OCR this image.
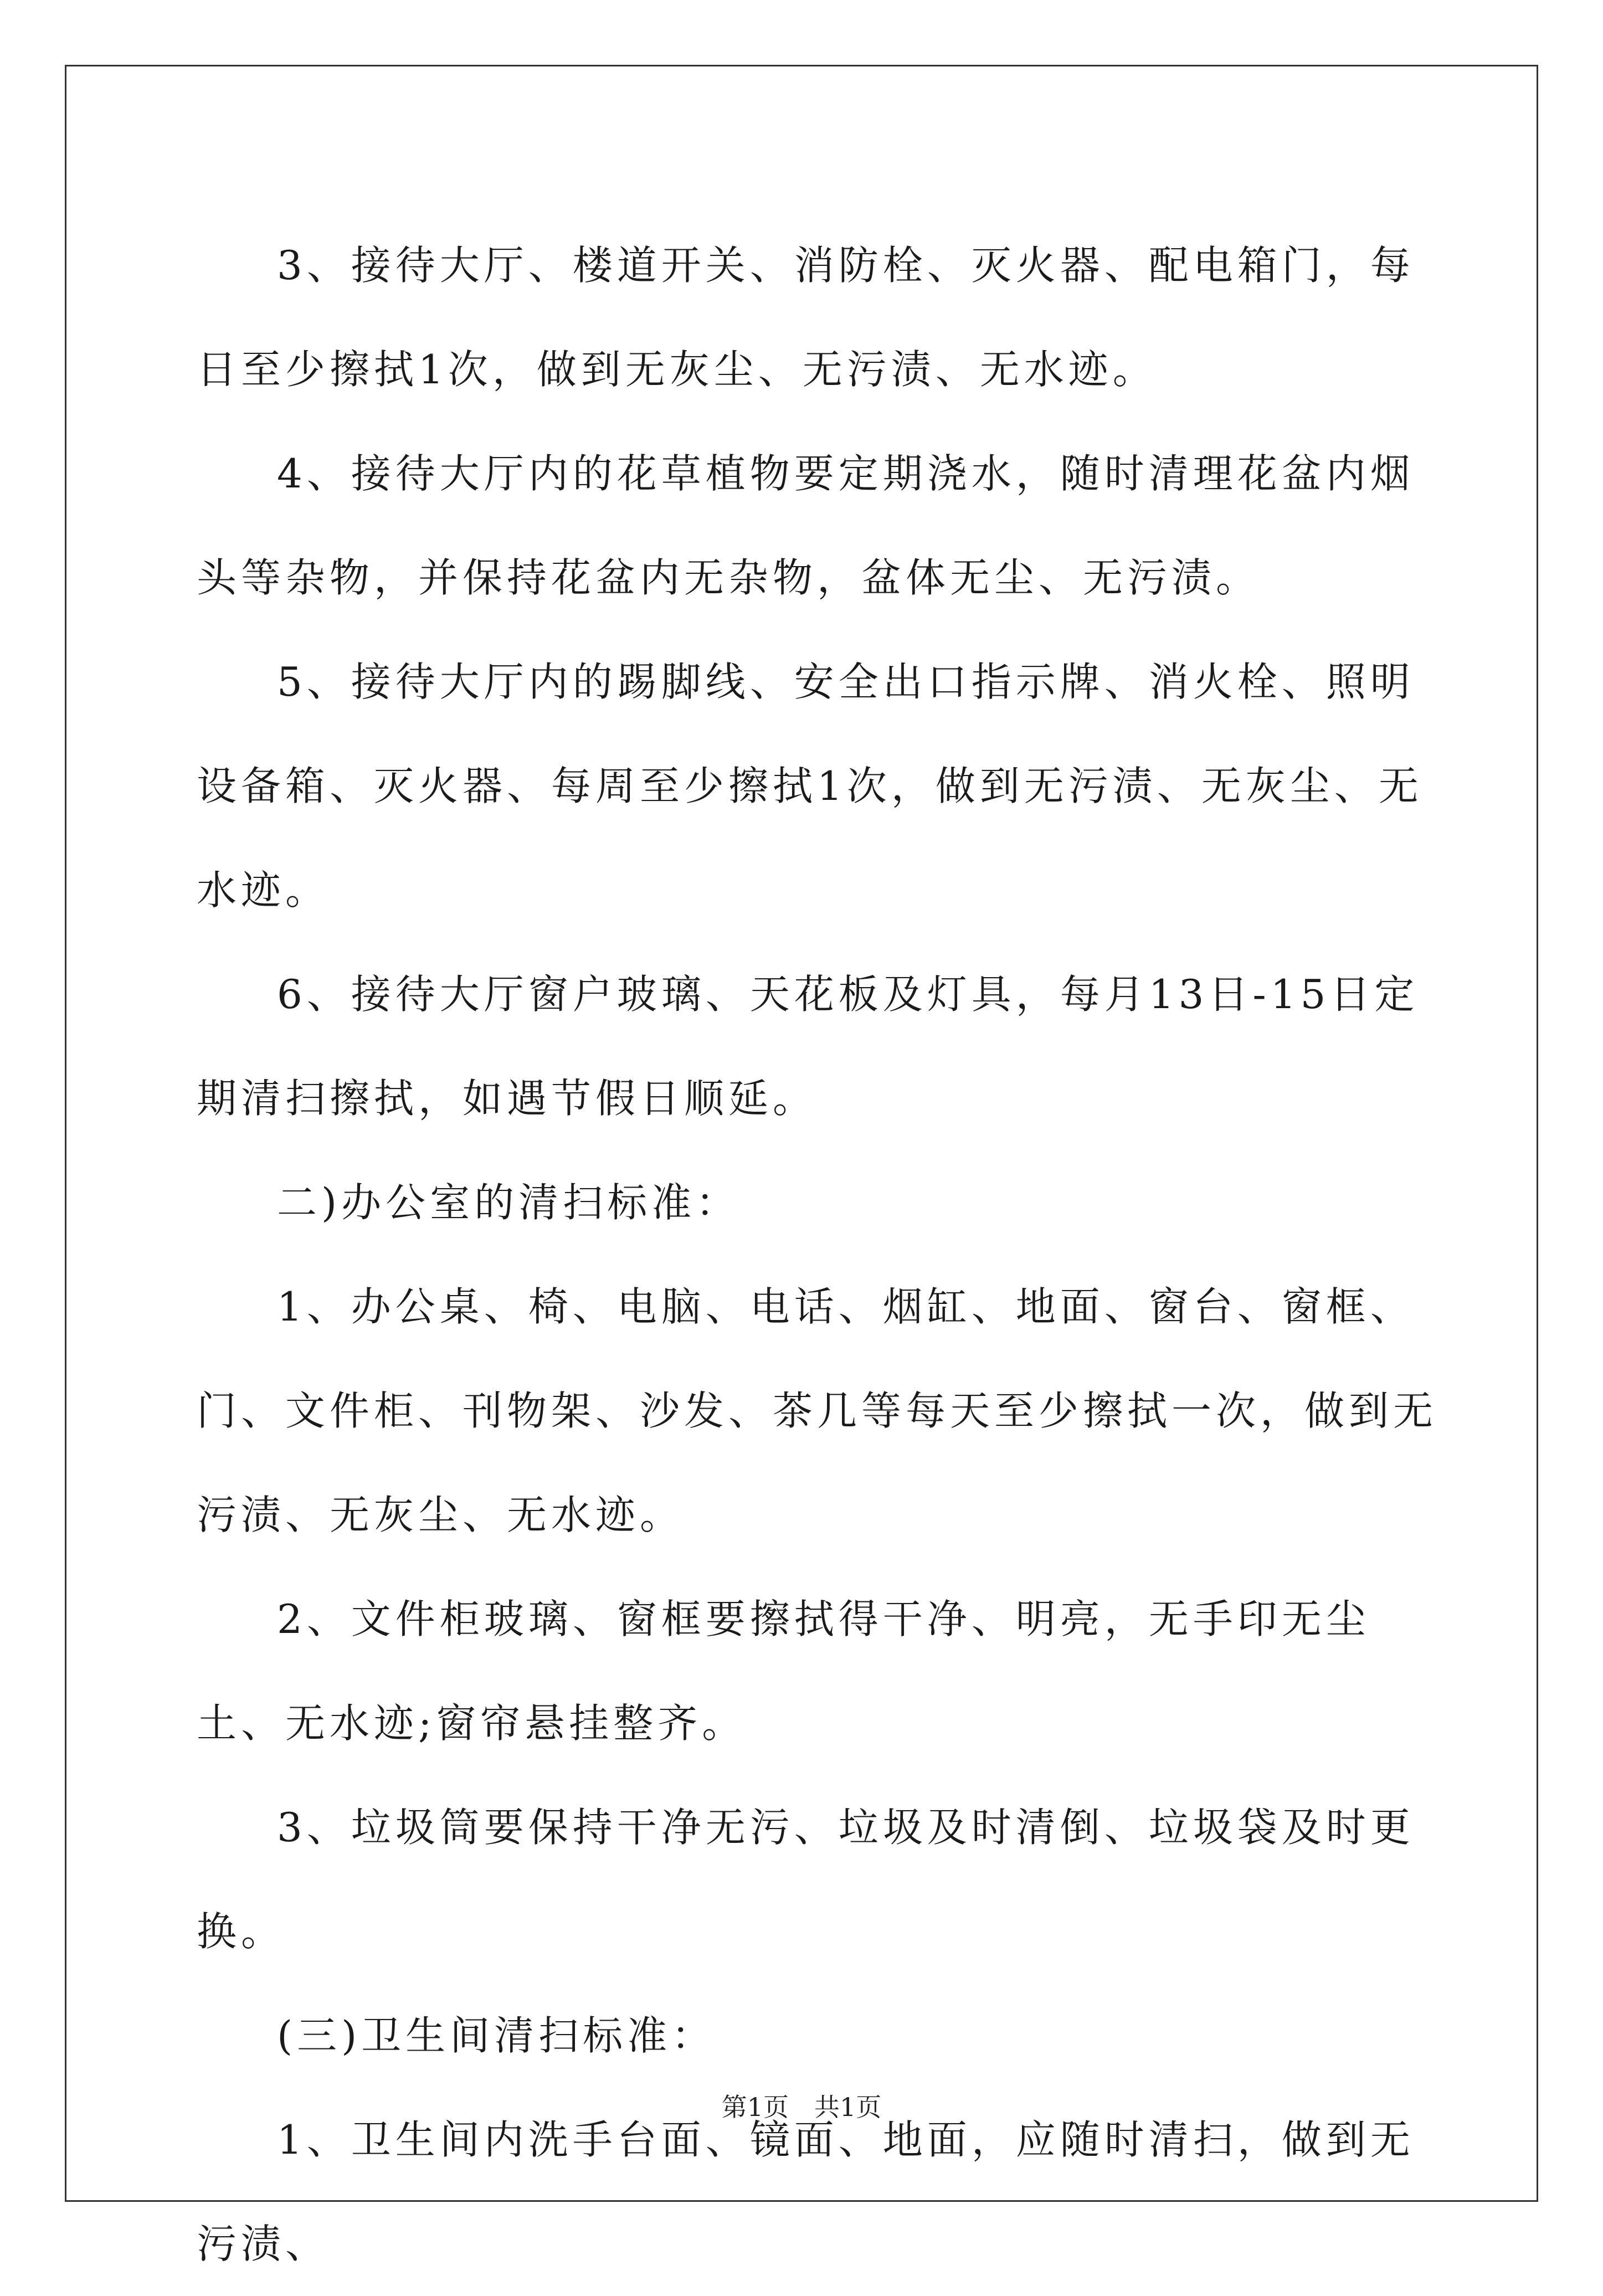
3、接待大厅、楼道开关、消防栓、灭火器、配电箱门，每日至少擦拭1次，做到无灰尘、无污渍、无水迹。

4、接待大厅内的花草植物要定期浇水，随时清理花盆内烟头等杂物，并保持花盆内无杂物，盆体无尘、无污渍。

5、接待大厅内的踢脚线、安全出口指示牌、消火栓、照明设备箱、灭火器、每周至少擦拭1次，做到无污渍、无灰尘、无水迹。

6、接待大厅窗户玻璃、天花板及灯具，每月13日-15日定期清扫擦拭，如遇节假日顺延。

二)办公室的清扫标准：

1、办公桌、椅、电脑、电话、烟缸、地面、窗台、窗框、门、文件柜、刊物架、沙发、茶几等每天至少擦拭一次，做到无污渍、无灰尘、无水迹。

2、文件柜玻璃、窗框要擦拭得干净、明亮，无手印无尘土、无水迹;窗帘悬挂整齐。

3、垃圾筒要保持干净无污、垃圾及时清倒、垃圾袋及时更换。

(三)卫生间清扫标准：

1、卫生间内洗手台面、镜面、地面，应随时清扫，做到无污渍、

第1页　共1页
